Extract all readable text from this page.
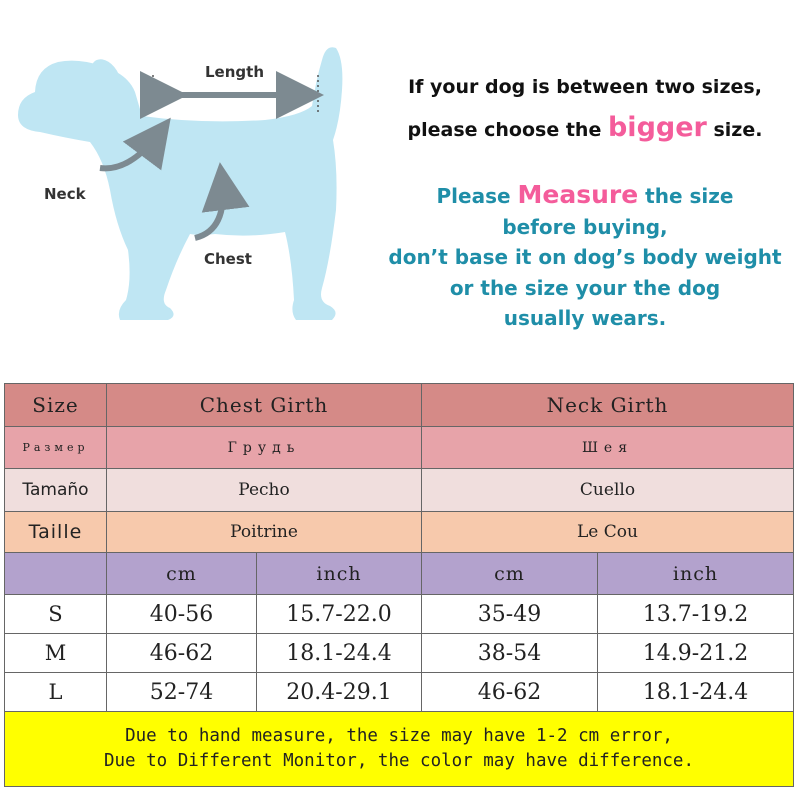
Length
Neck
Chest
If your dog is between two sizes,
please choose the bigger size.
Please Measure the size
before buying,
don’t base it on dog’s body weight
or the size your the dog
usually wears.
Size	Chest Girth		Neck Girth	
Размер	Грудь		Шея	
Tamaño	Pecho		Cuello	
Taille	Poitrine		Le Cou	
	cm	inch	cm	inch
S	40-56	15.7-22.0	35-49	13.7-19.2
M	46-62	18.1-24.4	38-54	14.9-21.2
L	52-74	20.4-29.1	46-62	18.1-24.4

Due to hand measure, the size may have 1-2 cm error,
Due to Different Monitor, the color may have difference.				
